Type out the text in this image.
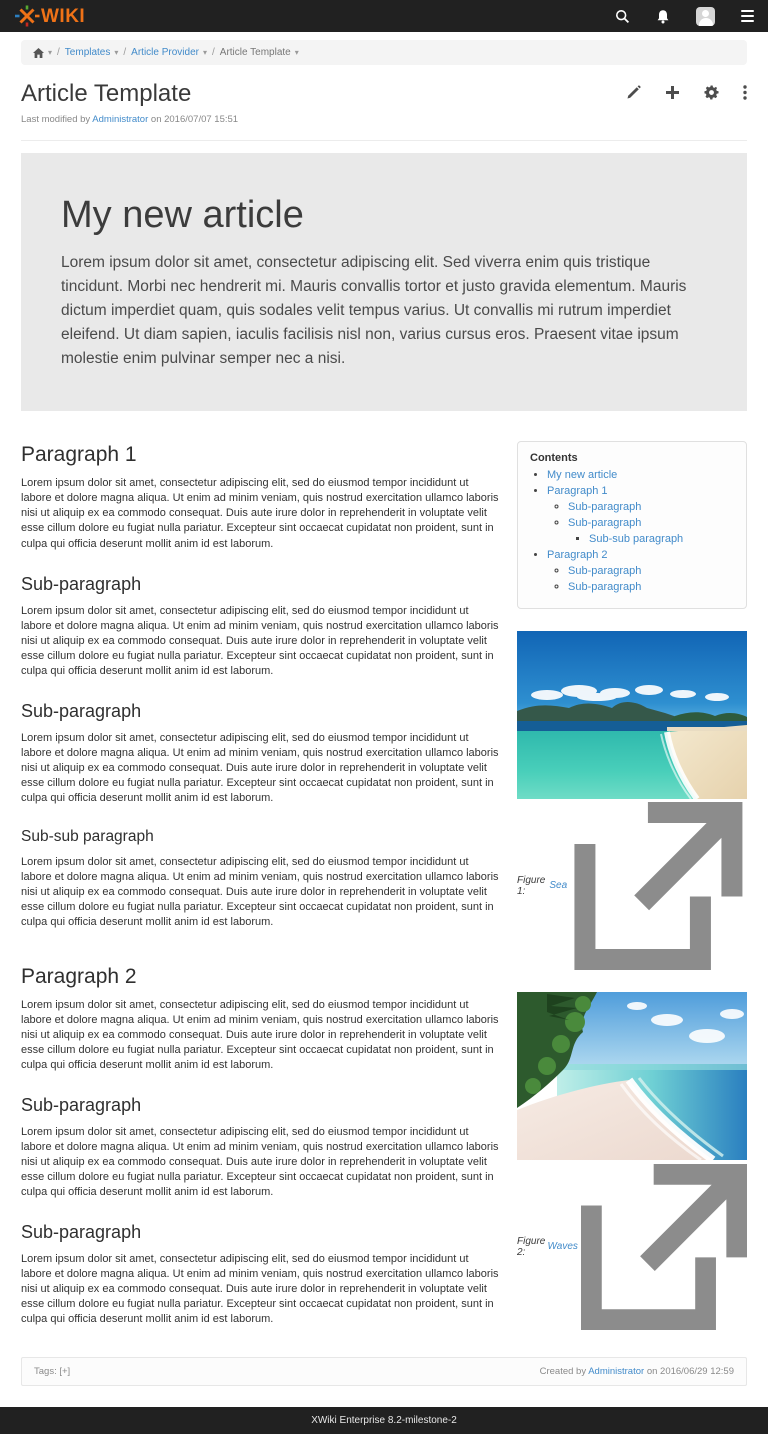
WIKI
▾ / Templates ▾ / Article Provider ▾ / Article Template ▾
Article Template
Last modified by Administrator on 2016/07/07 15:51
My new article

Lorem ipsum dolor sit amet, consectetur adipiscing elit. Sed viverra enim quis tristique tincidunt. Morbi nec hendrerit mi. Mauris convallis tortor et justo gravida elementum. Mauris dictum imperdiet quam, quis sodales velit tempus varius. Ut convallis mi rutrum imperdiet eleifend. Ut diam sapien, iaculis facilisis nisl non, varius cursus eros. Praesent vitae ipsum molestie enim pulvinar semper nec a nisi.

Paragraph 1

Lorem ipsum dolor sit amet, consectetur adipiscing elit, sed do eiusmod tempor incididunt ut labore et dolore magna aliqua. Ut enim ad minim veniam, quis nostrud exercitation ullamco laboris nisi ut aliquip ex ea commodo consequat. Duis aute irure dolor in reprehenderit in voluptate velit esse cillum dolore eu fugiat nulla pariatur. Excepteur sint occaecat cupidatat non proident, sunt in culpa qui officia deserunt mollit anim id est laborum.

Sub-paragraph

Lorem ipsum dolor sit amet, consectetur adipiscing elit, sed do eiusmod tempor incididunt ut labore et dolore magna aliqua. Ut enim ad minim veniam, quis nostrud exercitation ullamco laboris nisi ut aliquip ex ea commodo consequat. Duis aute irure dolor in reprehenderit in voluptate velit esse cillum dolore eu fugiat nulla pariatur. Excepteur sint occaecat cupidatat non proident, sunt in culpa qui officia deserunt mollit anim id est laborum.

Sub-paragraph

Lorem ipsum dolor sit amet, consectetur adipiscing elit, sed do eiusmod tempor incididunt ut labore et dolore magna aliqua. Ut enim ad minim veniam, quis nostrud exercitation ullamco laboris nisi ut aliquip ex ea commodo consequat. Duis aute irure dolor in reprehenderit in voluptate velit esse cillum dolore eu fugiat nulla pariatur. Excepteur sint occaecat cupidatat non proident, sunt in culpa qui officia deserunt mollit anim id est laborum.

Sub-sub paragraph

Lorem ipsum dolor sit amet, consectetur adipiscing elit, sed do eiusmod tempor incididunt ut labore et dolore magna aliqua. Ut enim ad minim veniam, quis nostrud exercitation ullamco laboris nisi ut aliquip ex ea commodo consequat. Duis aute irure dolor in reprehenderit in voluptate velit esse cillum dolore eu fugiat nulla pariatur. Excepteur sint occaecat cupidatat non proident, sunt in culpa qui officia deserunt mollit anim id est laborum.

Paragraph 2

Lorem ipsum dolor sit amet, consectetur adipiscing elit, sed do eiusmod tempor incididunt ut labore et dolore magna aliqua. Ut enim ad minim veniam, quis nostrud exercitation ullamco laboris nisi ut aliquip ex ea commodo consequat. Duis aute irure dolor in reprehenderit in voluptate velit esse cillum dolore eu fugiat nulla pariatur. Excepteur sint occaecat cupidatat non proident, sunt in culpa qui officia deserunt mollit anim id est laborum.

Sub-paragraph

Lorem ipsum dolor sit amet, consectetur adipiscing elit, sed do eiusmod tempor incididunt ut labore et dolore magna aliqua. Ut enim ad minim veniam, quis nostrud exercitation ullamco laboris nisi ut aliquip ex ea commodo consequat. Duis aute irure dolor in reprehenderit in voluptate velit esse cillum dolore eu fugiat nulla pariatur. Excepteur sint occaecat cupidatat non proident, sunt in culpa qui officia deserunt mollit anim id est laborum.

Sub-paragraph

Lorem ipsum dolor sit amet, consectetur adipiscing elit, sed do eiusmod tempor incididunt ut labore et dolore magna aliqua. Ut enim ad minim veniam, quis nostrud exercitation ullamco laboris nisi ut aliquip ex ea commodo consequat. Duis aute irure dolor in reprehenderit in voluptate velit esse cillum dolore eu fugiat nulla pariatur. Excepteur sint occaecat cupidatat non proident, sunt in culpa qui officia deserunt mollit anim id est laborum.

Contents
• My new article
• Paragraph 1
◦ Sub-paragraph
◦ Sub-paragraph
▪ Sub-sub paragraph
• Paragraph 2
◦ Sub-paragraph
◦ Sub-paragraph
Figure 1:	Sea
Figure 2:	Waves
Tags: [+]	Created by Administrator on 2016/06/29 12:59
XWiki Enterprise 8.2-milestone-2
